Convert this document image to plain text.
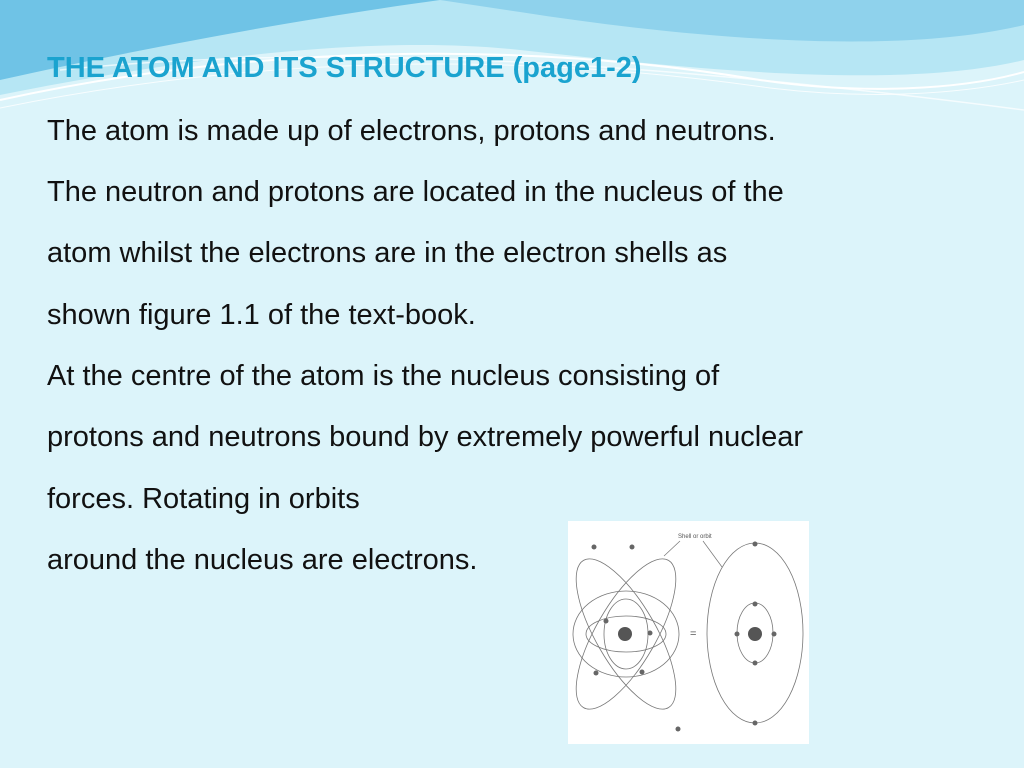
THE ATOM AND ITS STRUCTURE (page1-2)
The atom is made up of electrons, protons and neutrons.
The neutron and protons are located in the nucleus of the
atom whilst the electrons are in the electron shells as
shown figure 1.1 of the text-book.
At the centre of the atom is the nucleus consisting of
protons and neutrons bound by extremely powerful nuclear
forces. Rotating in orbits
around the nucleus are electrons.
=
Shell or orbit
